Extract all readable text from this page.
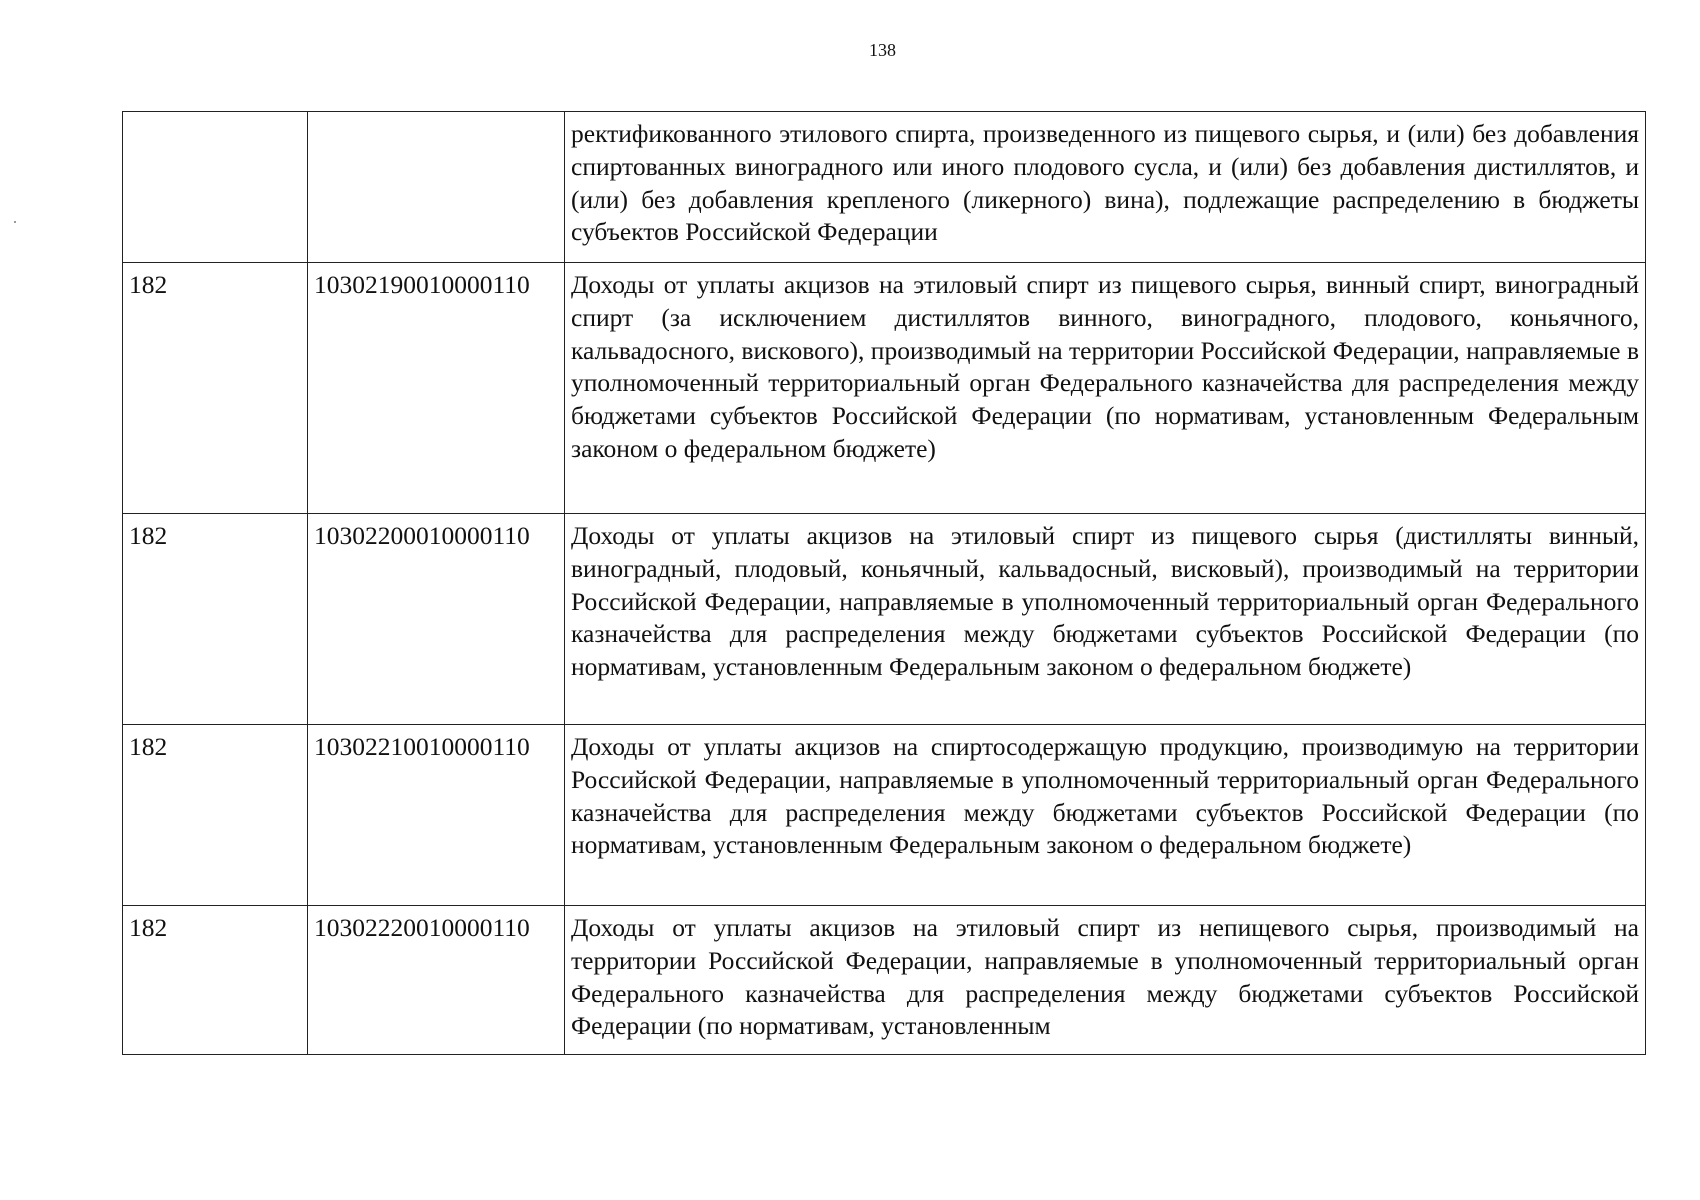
138
		ректификованного этилового спирта, произведенного из пищевого сырья, и (или) без добавления спиртованных виноградного или иного плодового сусла, и (или) без добавления дистиллятов, и (или) без добавления крепленого (ликерного) вина), подлежащие распределению в бюджеты субъектов Российской Федерации
182	10302190010000110	Доходы от уплаты акцизов на этиловый спирт из пищевого сырья, винный спирт, виноградный спирт (за исключением дистиллятов винного, виноградного, плодового, коньячного, кальвадосного, вискового), производимый на территории Российской Федерации, направляемые в уполномоченный территориальный орган Федерального казначейства для распределения между бюджетами субъектов Российской Федерации (по нормативам, установленным Федеральным законом о федеральном бюджете)
182	10302200010000110	Доходы от уплаты акцизов на этиловый спирт из пищевого сырья (дистилляты винный, виноградный, плодовый, коньячный, кальвадосный, висковый), производимый на территории Российской Федерации, направляемые в уполномоченный территориальный орган Федерального казначейства для распределения между бюджетами субъектов Российской Федерации (по нормативам, установленным Федеральным законом о федеральном бюджете)
182	10302210010000110	Доходы от уплаты акцизов на спиртосодержащую продукцию, производимую на территории Российской Федерации, направляемые в уполномоченный территориальный орган Федерального казначейства для распределения между бюджетами субъектов Российской Федерации (по нормативам, установленным Федеральным законом о федеральном бюджете)
182	10302220010000110	Доходы от уплаты акцизов на этиловый спирт из непищевого сырья, производимый на территории Российской Федерации, направляемые в уполномоченный территориальный орган Федерального казначейства для распределения между бюджетами субъектов Российской Федерации (по нормативам, установленным
